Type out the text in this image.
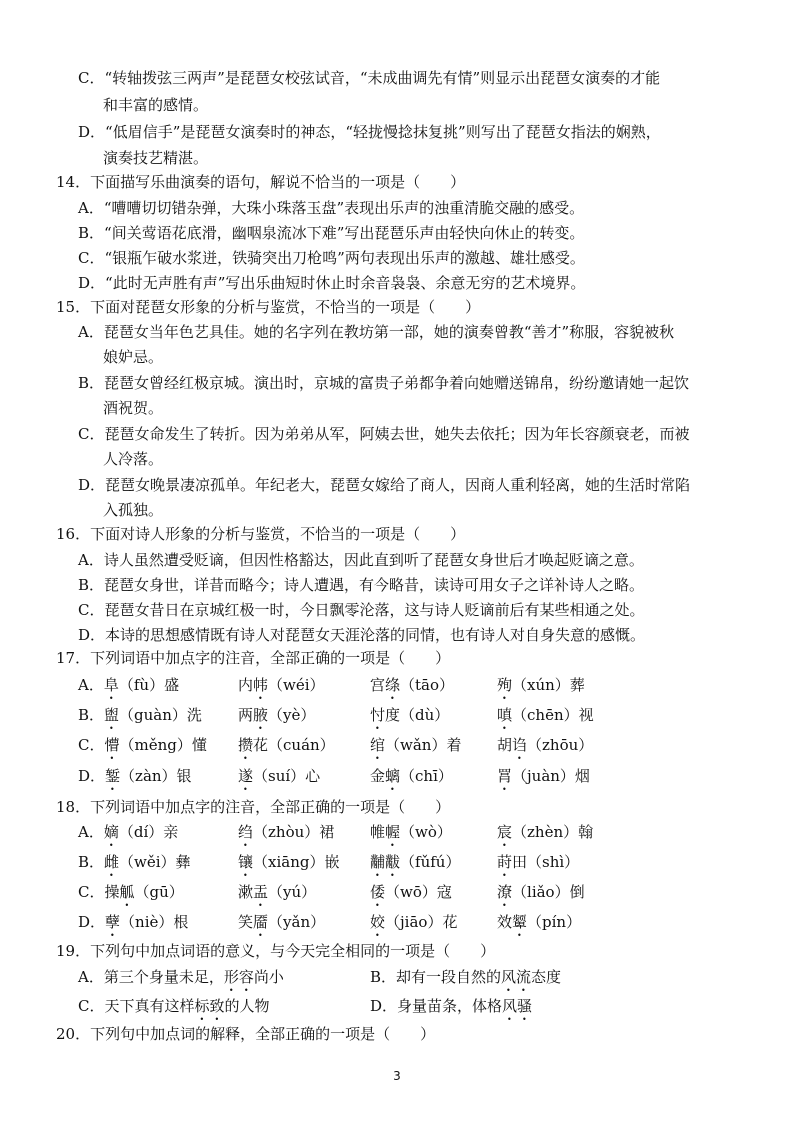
C．“转轴拨弦三两声”是琵琶女校弦试音，“未成曲调先有情”则显示出琵琶女演奏的才能
和丰富的感情。
D．“低眉信手”是琵琶女演奏时的神态，“轻拢慢捻抹复挑”则写出了琵琶女指法的娴熟，
演奏技艺精湛。
14．下面描写乐曲演奏的语句，解说不恰当的一项是（　　）
A．“嘈嘈切切错杂弹，大珠小珠落玉盘”表现出乐声的浊重清脆交融的感受。
B．“间关莺语花底滑，幽咽泉流冰下难”写出琵琶乐声由轻快向休止的转变。
C．“银瓶乍破水浆迸，铁骑突出刀枪鸣”两句表现出乐声的激越、雄壮感受。
D．“此时无声胜有声”写出乐曲短时休止时余音袅袅、余意无穷的艺术境界。
15．下面对琵琶女形象的分析与鉴赏，不恰当的一项是（　　）
A．琵琶女当年色艺具佳。她的名字列在教坊第一部，她的演奏曾教“善才”称服，容貌被秋
娘妒忌。
B．琵琶女曾经红极京城。演出时，京城的富贵子弟都争着向她赠送锦帛，纷纷邀请她一起饮
酒祝贺。
C．琵琶女命发生了转折。因为弟弟从军，阿姨去世，她失去依托；因为年长容颜衰老，而被
人冷落。
D．琵琶女晚景凄凉孤单。年纪老大，琵琶女嫁给了商人，因商人重利轻离，她的生活时常陷
入孤独。
16．下面对诗人形象的分析与鉴赏，不恰当的一项是（　　）
A．诗人虽然遭受贬谪，但因性格豁达，因此直到听了琵琶女身世后才唤起贬谪之意。
B．琵琶女身世，详昔而略今；诗人遭遇，有今略昔，读诗可用女子之详补诗人之略。
C．琵琶女昔日在京城红极一时，今日飘零沦落，这与诗人贬谪前后有某些相通之处。
D．本诗的思想感情既有诗人对琵琶女天涯沦落的同情，也有诗人对自身失意的感慨。
17．下列词语中加点字的注音，全部正确的一项是（　　）
18．下列词语中加点字的注音，全部正确的一项是（　　）
19．下列句中加点词语的意义，与今天完全相同的一项是（　　）
20．下列句中加点词的解释，全部正确的一项是（　　）
A．阜（fù）盛	内帏（wéi）	宫绦（tāo）	殉（xún）葬
B．盥（guàn）洗 两腋（yè）	忖度（dù）	嗔（chēn）视
C．懵（měng）懂 攒花（cuán） 绾（wǎn）着 胡诌（zhōu）
D．錾（zàn）银	遂（suí）心	金螭（chī）	罥（juàn）烟
A．嫡（dí）亲	绉（zhòu）裙 帷幄（wò）	宸（zhèn）翰
B．雌（wěi）彝	镶（xiāng）嵌 黼黻（fǔfú） 莳田（shì）
C．操觚（gū）	漱盂（yú）	倭（wō）寇	潦（liǎo）倒
D．孽（niè）根	笑靥（yǎn）	姣（jiāo）花	效颦（pín）
A．第三个身量未足，形容尚小	B．却有一段自然的风流态度
C．天下真有这样标致的人物	D．身量苗条，体格风骚
3
